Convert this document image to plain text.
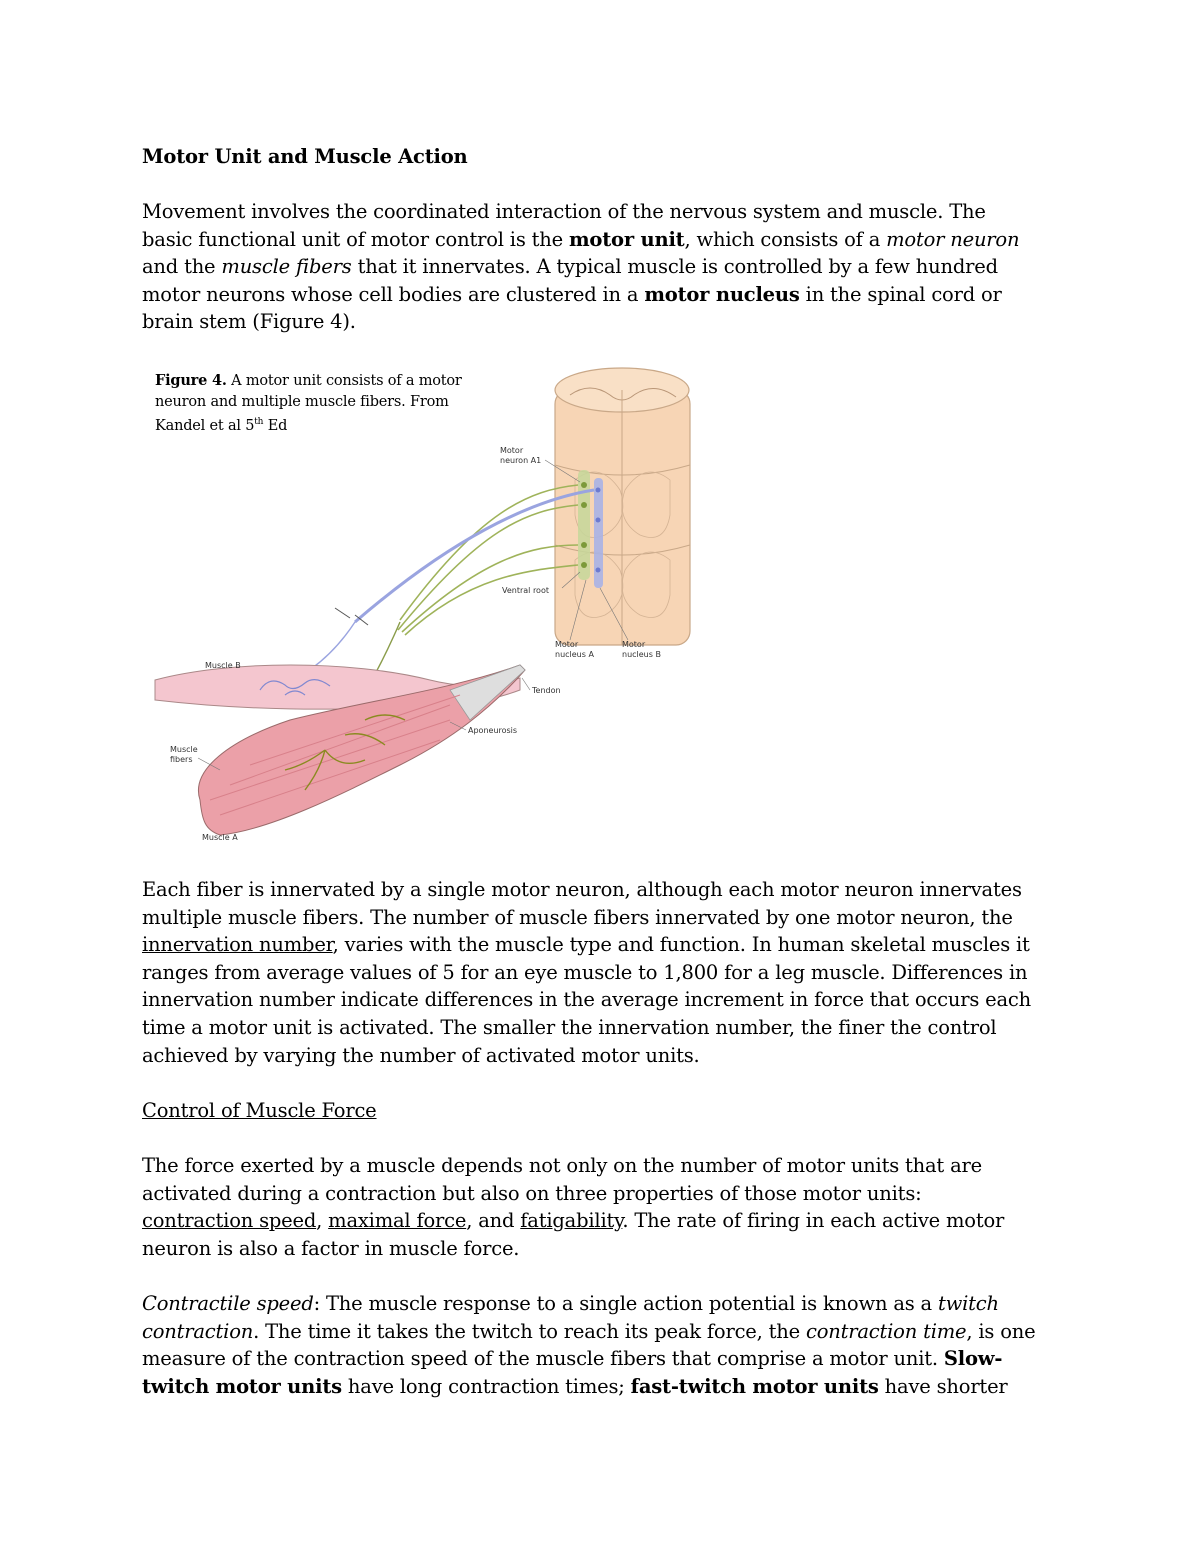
Motor Unit and Muscle Action
Movement involves the coordinated interaction of the nervous system and muscle. The
basic functional unit of motor control is the motor unit, which consists of a motor neuron
and the muscle fibers that it innervates. A typical muscle is controlled by a few hundred
motor neurons whose cell bodies are clustered in a motor nucleus in the spinal cord or
brain stem (Figure 4).
Motor
neuron A1
Ventral root
Motor
nucleus A
Motor
nucleus B
Muscle B
Tendon
Aponeurosis
Muscle
fibers
Muscle A
Figure 4. A motor unit consists of a motor
neuron and multiple muscle fibers. From
Kandel et al 5th Ed
Each fiber is innervated by a single motor neuron, although each motor neuron innervates
multiple muscle fibers. The number of muscle fibers innervated by one motor neuron, the
innervation number, varies with the muscle type and function. In human skeletal muscles it
ranges from average values of 5 for an eye muscle to 1,800 for a leg muscle. Differences in
innervation number indicate differences in the average increment in force that occurs each
time a motor unit is activated. The smaller the innervation number, the finer the control
achieved by varying the number of activated motor units.
Control of Muscle Force
The force exerted by a muscle depends not only on the number of motor units that are
activated during a contraction but also on three properties of those motor units:
contraction speed, maximal force, and fatigability. The rate of firing in each active motor
neuron is also a factor in muscle force.
Contractile speed: The muscle response to a single action potential is known as a twitch
contraction. The time it takes the twitch to reach its peak force, the contraction time, is one
measure of the contraction speed of the muscle fibers that comprise a motor unit. Slow-
twitch motor units have long contraction times; fast-twitch motor units have shorter
